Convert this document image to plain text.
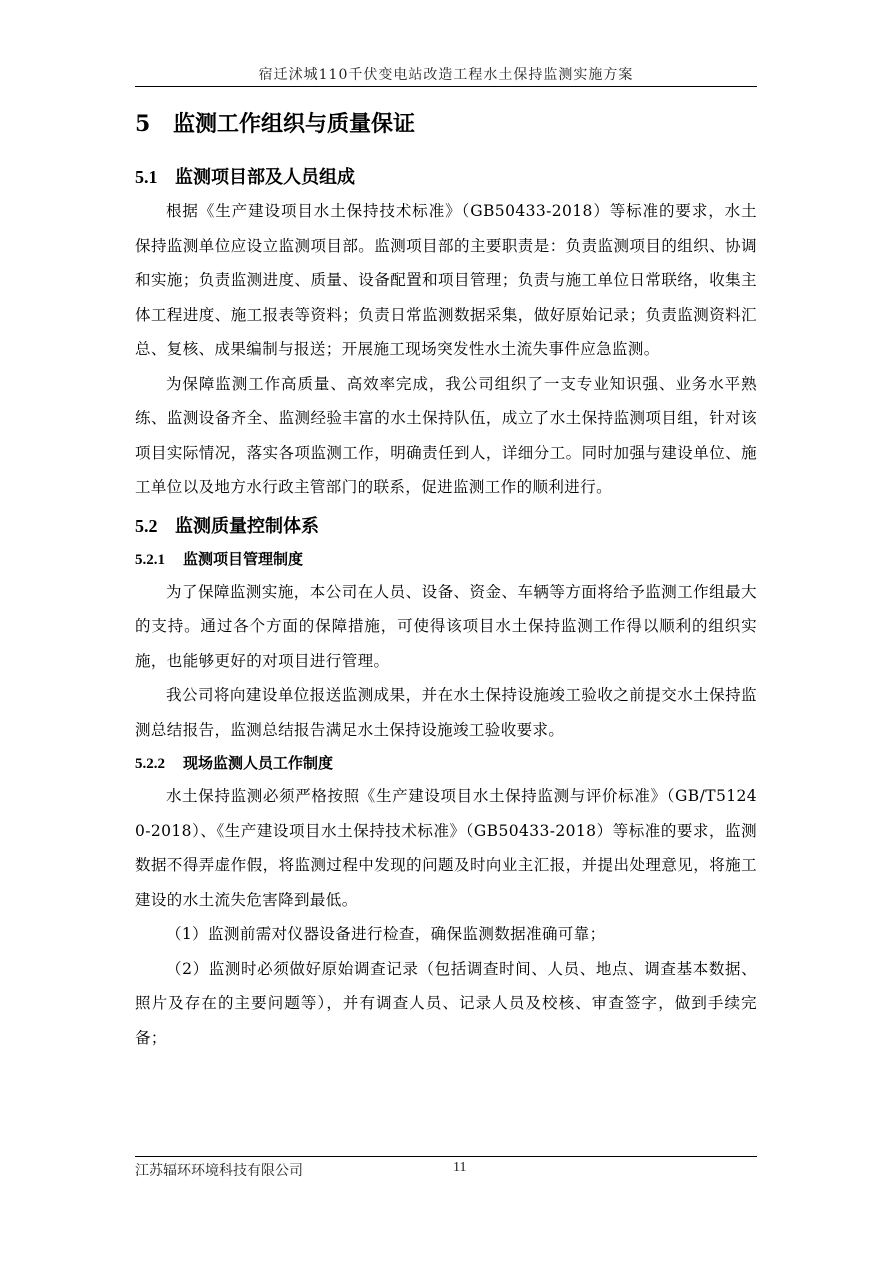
宿迁沭城110千伏变电站改造工程水土保持监测实施方案
5 监测工作组织与质量保证
5.1 监测项目部及人员组成

根据《生产建设项目水土保持技术标准》（GB50433-2018）等标准的要求，水土保持监测单位应设立监测项目部。监测项目部的主要职责是：负责监测项目的组织、协调和实施；负责监测进度、质量、设备配置和项目管理；负责与施工单位日常联络，收集主体工程进度、施工报表等资料；负责日常监测数据采集，做好原始记录；负责监测资料汇总、复核、成果编制与报送；开展施工现场突发性水土流失事件应急监测。

为保障监测工作高质量、高效率完成，我公司组织了一支专业知识强、业务水平熟练、监测设备齐全、监测经验丰富的水土保持队伍，成立了水土保持监测项目组，针对该项目实际情况，落实各项监测工作，明确责任到人，详细分工。同时加强与建设单位、施工单位以及地方水行政主管部门的联系，促进监测工作的顺利进行。

5.2 监测质量控制体系
5.2.1 监测项目管理制度

为了保障监测实施，本公司在人员、设备、资金、车辆等方面将给予监测工作组最大的支持。通过各个方面的保障措施，可使得该项目水土保持监测工作得以顺利的组织实施，也能够更好的对项目进行管理。

我公司将向建设单位报送监测成果，并在水土保持设施竣工验收之前提交水土保持监测总结报告，监测总结报告满足水土保持设施竣工验收要求。

5.2.2 现场监测人员工作制度

水土保持监测必须严格按照《生产建设项目水土保持监测与评价标准》（GB/T51240-2018）、《生产建设项目水土保持技术标准》（GB50433-2018）等标准的要求，监测数据不得弄虚作假，将监测过程中发现的问题及时向业主汇报，并提出处理意见，将施工建设的水土流失危害降到最低。

（1）监测前需对仪器设备进行检查，确保监测数据准确可靠；

（2）监测时必须做好原始调查记录（包括调查时间、人员、地点、调查基本数据、照片及存在的主要问题等），并有调查人员、记录人员及校核、审查签字，做到手续完备；

江苏辐环环境科技有限公司	11
